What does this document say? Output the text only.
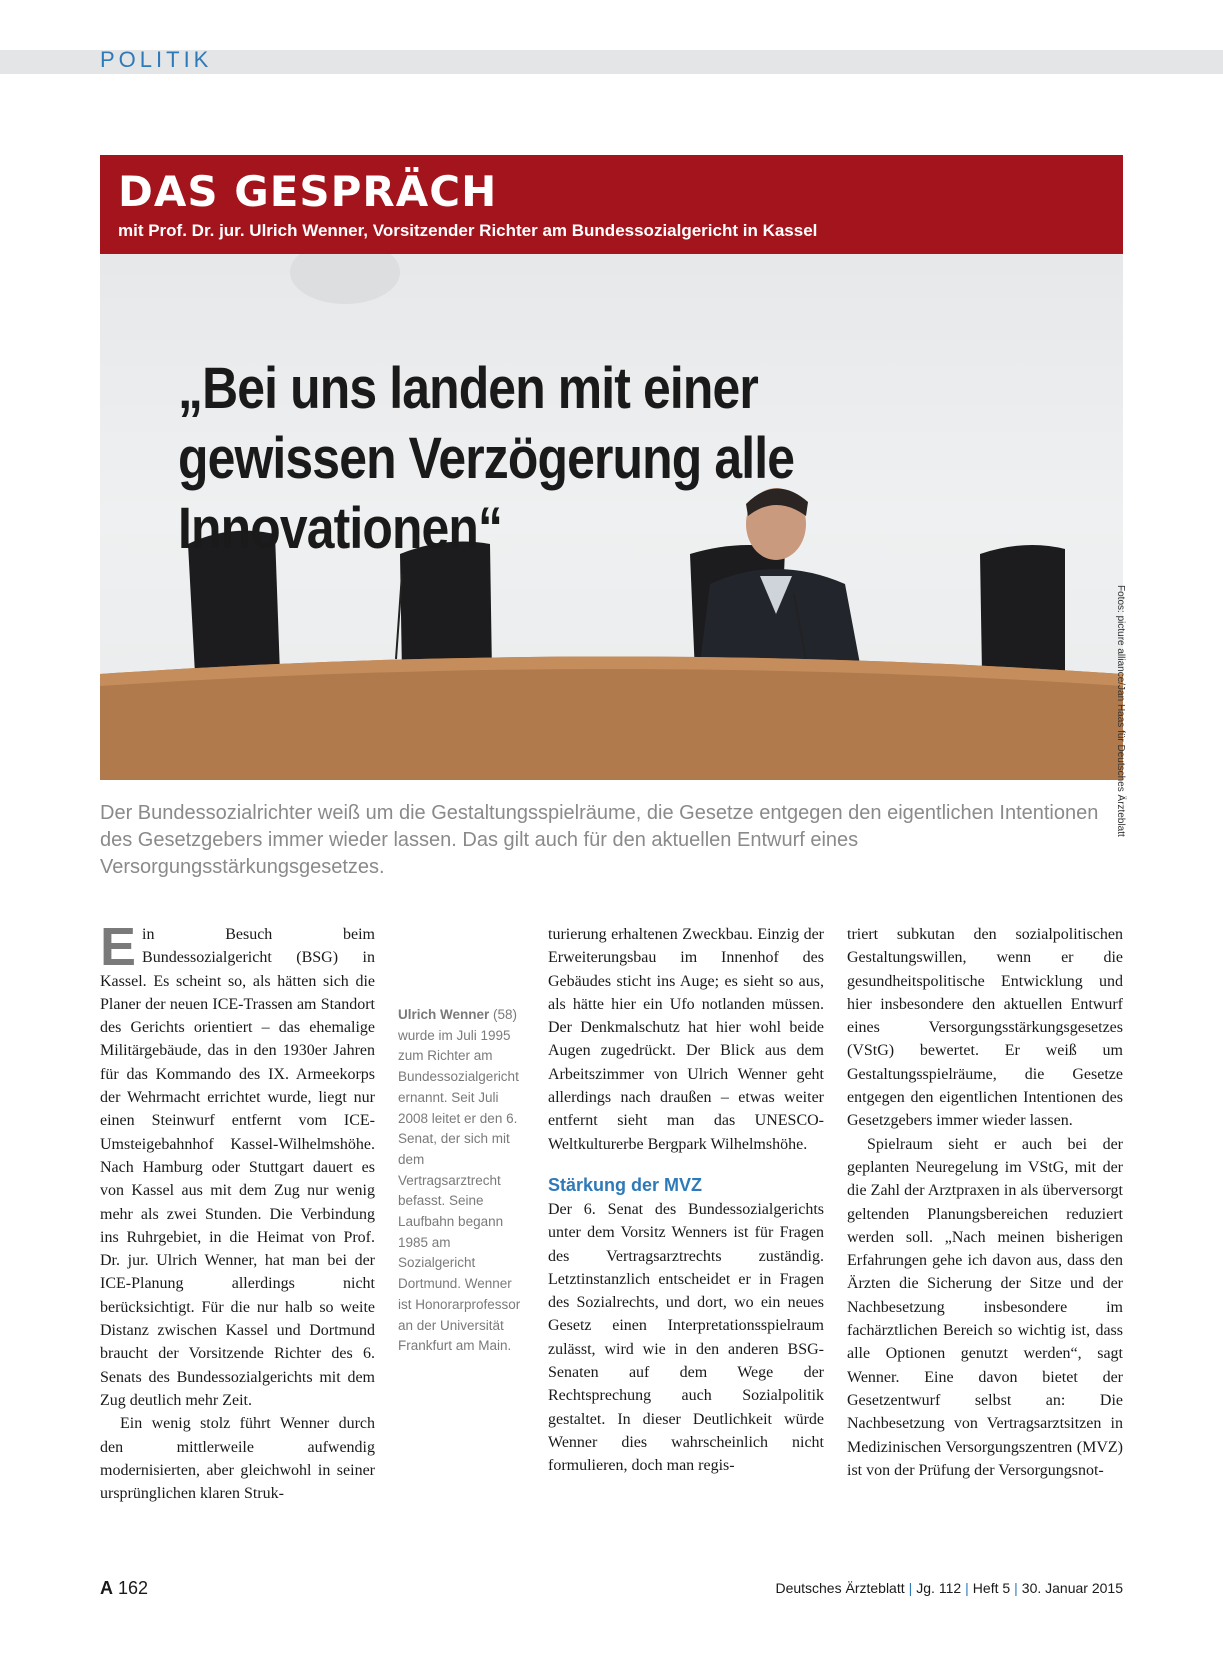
POLITIK
DAS GESPRÄCH
mit Prof. Dr. jur. Ulrich Wenner, Vorsitzender Richter am Bundessozialgericht in Kassel
„Bei uns landen mit einer gewissen Verzögerung alle Innovationen“
Fotos: picture alliance/Jan Haas für Deutsches Ärzteblatt
Der Bundessozialrichter weiß um die Gestaltungsspielräume, die Gesetze entgegen den eigentlichen Intentionen des Gesetzgebers immer wieder lassen. Das gilt auch für den aktuellen Entwurf eines Versorgungsstärkungsgesetzes.

Ein Besuch beim Bundessozialgericht (BSG) in Kassel. Es scheint so, als hätten sich die Planer der neuen ICE-Trassen am Standort des Gerichts orientiert – das ehemalige Militärgebäude, das in den 1930er Jahren für das Kommando des IX. Armeekorps der Wehrmacht errichtet wurde, liegt nur einen Steinwurf entfernt vom ICE-Umsteigebahnhof Kassel-Wilhelmshöhe. Nach Hamburg oder Stuttgart dauert es von Kassel aus mit dem Zug nur wenig mehr als zwei Stunden. Die Verbindung ins Ruhrgebiet, in die Heimat von Prof. Dr. jur. Ulrich Wenner, hat man bei der ICE-Planung allerdings nicht berücksichtigt. Für die nur halb so weite Distanz zwischen Kassel und Dortmund braucht der Vorsitzende Richter des 6. Senats des Bundessozialgerichts mit dem Zug deutlich mehr Zeit.

Ein wenig stolz führt Wenner durch den mittlerweile aufwendig modernisierten, aber gleichwohl in seiner ursprünglichen klaren Struk-

Ulrich Wenner (58) wurde im Juli 1995 zum Richter am Bundessozialgericht ernannt. Seit Juli 2008 leitet er den 6. Senat, der sich mit dem Vertragsarztrecht befasst. Seine Laufbahn begann 1985 am Sozialgericht Dortmund. Wenner ist Honorarprofessor an der Universität Frankfurt am Main.

turierung erhaltenen Zweckbau. Einzig der Erweiterungsbau im Innenhof des Gebäudes sticht ins Auge; es sieht so aus, als hätte hier ein Ufo notlanden müssen. Der Denkmalschutz hat hier wohl beide Augen zugedrückt. Der Blick aus dem Arbeitszimmer von Ulrich Wenner geht allerdings nach draußen – etwas weiter entfernt sieht man das UNESCO-Weltkulturerbe Bergpark Wilhelmshöhe.

Stärkung der MVZ

Der 6. Senat des Bundessozialgerichts unter dem Vorsitz Wenners ist für Fragen des Vertragsarztrechts zuständig. Letztinstanzlich entscheidet er in Fragen des Sozialrechts, und dort, wo ein neues Gesetz einen Interpretationsspielraum zulässt, wird wie in den anderen BSG-Senaten auf dem Wege der Rechtsprechung auch Sozialpolitik gestaltet. In dieser Deutlichkeit würde Wenner dies wahrscheinlich nicht formulieren, doch man regis-

triert subkutan den sozialpolitischen Gestaltungswillen, wenn er die gesundheitspolitische Entwicklung und hier insbesondere den aktuellen Entwurf eines Versorgungsstärkungsgesetzes (VStG) bewertet. Er weiß um Gestaltungsspielräume, die Gesetze entgegen den eigentlichen Intentionen des Gesetzgebers immer wieder lassen.

Spielraum sieht er auch bei der geplanten Neuregelung im VStG, mit der die Zahl der Arztpraxen in als überversorgt geltenden Planungsbereichen reduziert werden soll. „Nach meinen bisherigen Erfahrungen gehe ich davon aus, dass den Ärzten die Sicherung der Sitze und der Nachbesetzung insbesondere im fachärztlichen Bereich so wichtig ist, dass alle Optionen genutzt werden“, sagt Wenner. Eine davon bietet der Gesetzentwurf selbst an: Die Nachbesetzung von Vertragsarztsitzen in Medizinischen Versorgungszentren (MVZ) ist von der Prüfung der Versorgungsnot-

A 162	Deutsches Ärzteblatt | Jg. 112 | Heft 5 | 30. Januar 2015
